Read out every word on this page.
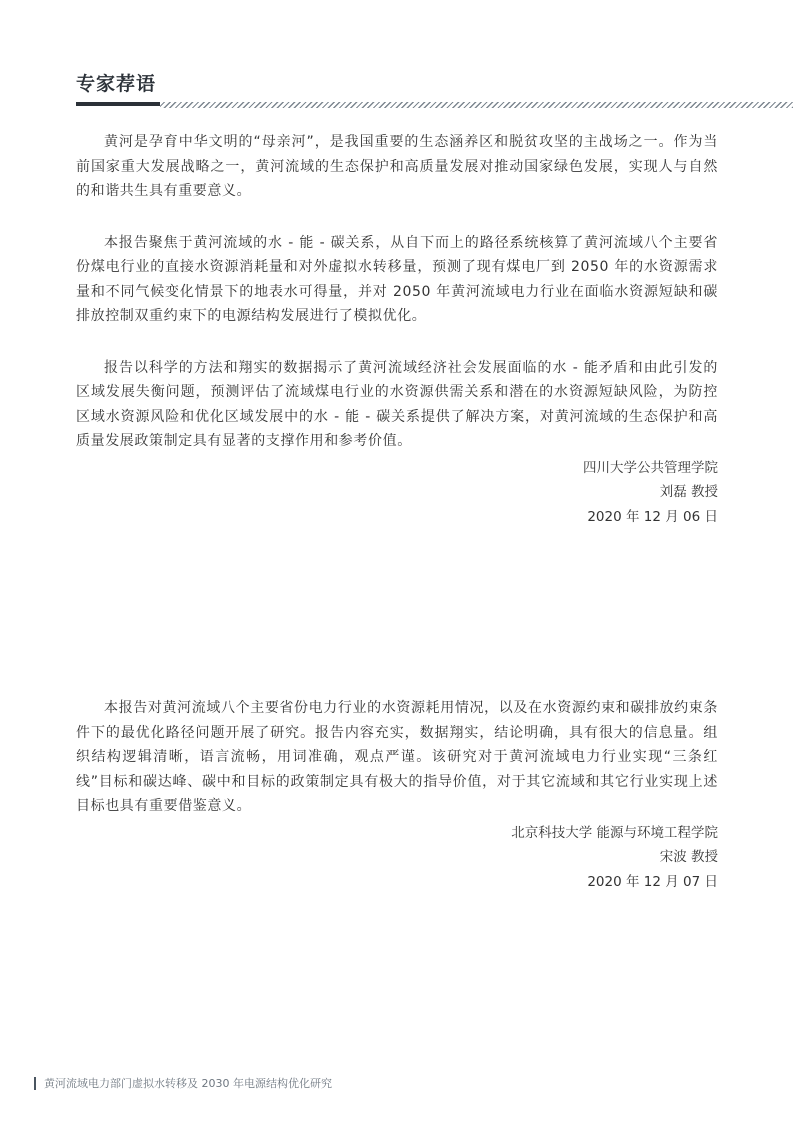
专家荐语

黄河是孕育中华文明的“母亲河”，是我国重要的生态涵养区和脱贫攻坚的主战场之一。作为当前国家重大发展战略之一，黄河流域的生态保护和高质量发展对推动国家绿色发展，实现人与自然的和谐共生具有重要意义。

本报告聚焦于黄河流域的水 - 能 - 碳关系，从自下而上的路径系统核算了黄河流域八个主要省份煤电行业的直接水资源消耗量和对外虚拟水转移量，预测了现有煤电厂到 2050 年的水资源需求量和不同气候变化情景下的地表水可得量，并对 2050 年黄河流域电力行业在面临水资源短缺和碳排放控制双重约束下的电源结构发展进行了模拟优化。

报告以科学的方法和翔实的数据揭示了黄河流域经济社会发展面临的水 - 能矛盾和由此引发的区域发展失衡问题，预测评估了流域煤电行业的水资源供需关系和潜在的水资源短缺风险，为防控区域水资源风险和优化区域发展中的水 - 能 - 碳关系提供了解决方案，对黄河流域的生态保护和高质量发展政策制定具有显著的支撑作用和参考价值。

四川大学公共管理学院
刘磊 教授
2020 年 12 月 06 日

本报告对黄河流域八个主要省份电力行业的水资源耗用情况，以及在水资源约束和碳排放约束条件下的最优化路径问题开展了研究。报告内容充实，数据翔实，结论明确，具有很大的信息量。组织结构逻辑清晰，语言流畅，用词准确，观点严谨。该研究对于黄河流域电力行业实现“三条红线”目标和碳达峰、碳中和目标的政策制定具有极大的指导价值，对于其它流域和其它行业实现上述目标也具有重要借鉴意义。

北京科技大学 能源与环境工程学院
宋波 教授
2020 年 12 月 07 日
黄河流域电力部门虚拟水转移及 2030 年电源结构优化研究
